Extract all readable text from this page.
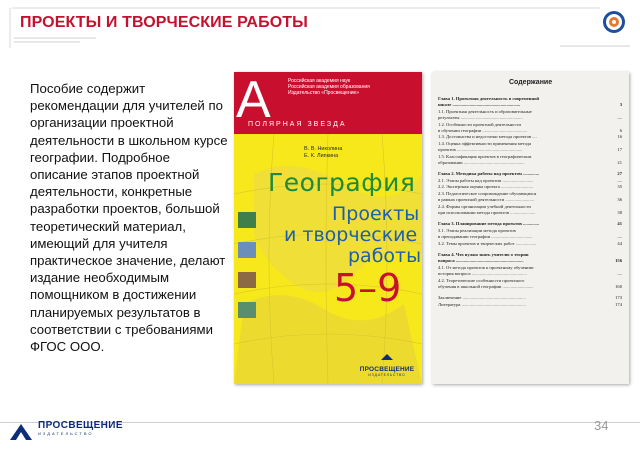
ПРОЕКТЫ И ТВОРЧЕСКИЕ РАБОТЫ
Пособие содержит рекомендации для учителей по организации проектной деятельности в школьном курсе географии. Подробное описание этапов проектной деятельности, конкретные разработки проектов, большой теоретический материал, имеющий для учителя практическое значение, делают издание необходимым помощником в достижении планируемых результатов в соответствии с требованиями ФГОС ООО.
А	Российская академия наук
Российская академия образования
Издательство «Просвещение»
ПОЛЯРНАЯ ЗВЕЗДА
В. В. Николина
Е. К. Липкина
География
Проекты
и творческие
работы
5–9
ПРОСВЕЩЕНИЕ
ИЗДАТЕЛЬСТВО
Содержание
Глава 1. Проектная деятельность в современной
школе ...........................................................	3
1.1. Проектная деятельность и образовательные
результаты ......................................................	—
1.2. Особенности проектной деятельности
в обучении географии .......................................	6
1.3. Достоинства и недостатки метода проектов ....	16
1.4. Оценка эффективности применения метода
проектов .........................................................	17
1.5. Классификация проектов в географическом
образовании .....................................................	21
Глава 2. Методика работы над проектом ..............	27
2.1. Этапы работы над проектом ...........................	—
2.2. Экспертная оценка проекта ............................	35
2.3. Педагогическое сопровождение обучающихся
в рамках проектной деятельности .........................	36
2.4. Формы организации учебной деятельности
при использовании метода проектов ......................	38
Глава 3. Планирование метода проектов ..............	41
3.1. Этапы реализации метода проектов
в преподавании географии ....................................	—
3.2. Темы проектов и творческих работ ..................	44
Глава 4. Что нужно знать учителю о теории
вопроса ...........................................................	156
4.1. От метода проектов к проектному обучению:
история вопроса ................................................	—
4.2. Теоретические особенности проектного
обучения в школьной географии ...........................	160
Заключение .......................................................	173
Литература ........................................................	174
ПРОСВЕЩЕНИЕ
ИЗДАТЕЛЬСТВО
34
